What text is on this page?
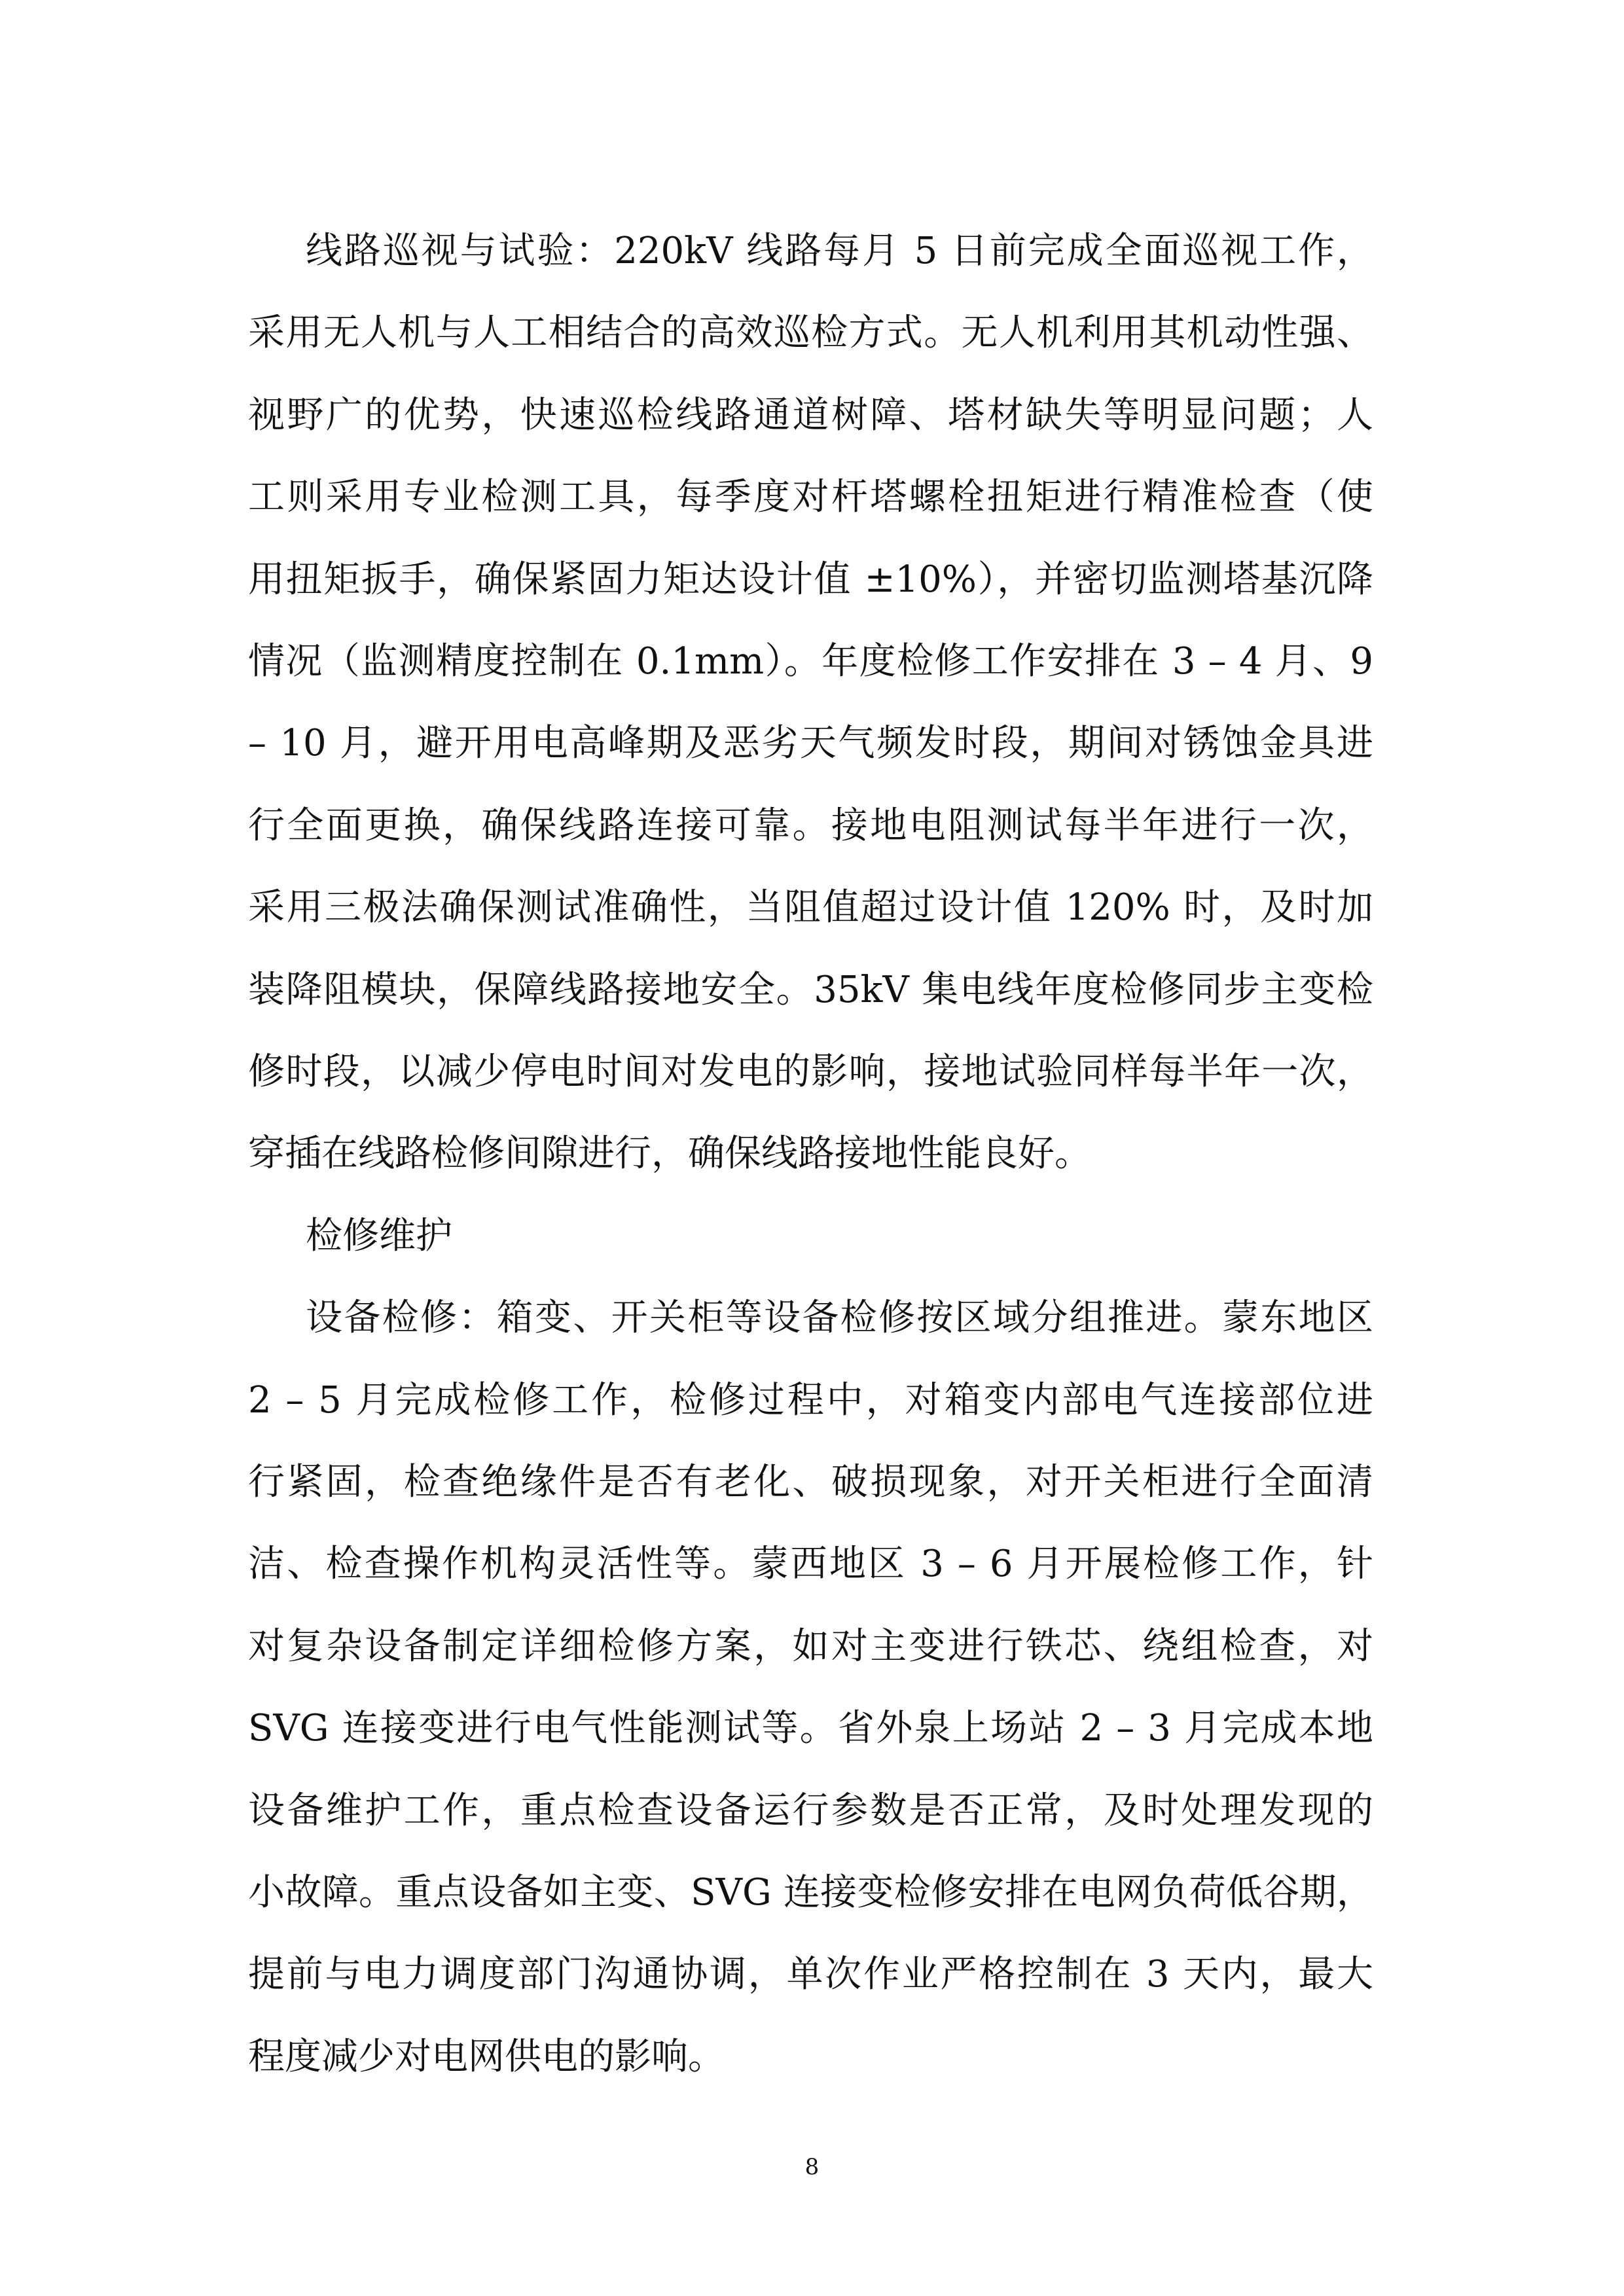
线路巡视与试验：220kV 线路每月 5 日前完成全面巡视工作，
采用无人机与人工相结合的高效巡检方式。无人机利用其机动性强、
视野广的优势，快速巡检线路通道树障、塔材缺失等明显问题；人
工则采用专业检测工具，每季度对杆塔螺栓扭矩进行精准检查（使
用扭矩扳手，确保紧固力矩达设计值 ±10%），并密切监测塔基沉降
情况（监测精度控制在 0.1mm）。年度检修工作安排在 3 – 4 月、9
– 10 月，避开用电高峰期及恶劣天气频发时段，期间对锈蚀金具进
行全面更换，确保线路连接可靠。接地电阻测试每半年进行一次，
采用三极法确保测试准确性，当阻值超过设计值 120% 时，及时加
装降阻模块，保障线路接地安全。35kV 集电线年度检修同步主变检
修时段，以减少停电时间对发电的影响，接地试验同样每半年一次，
穿插在线路检修间隙进行，确保线路接地性能良好。
检修维护
设备检修：箱变、开关柜等设备检修按区域分组推进。蒙东地区
2 – 5 月完成检修工作，检修过程中，对箱变内部电气连接部位进
行紧固，检查绝缘件是否有老化、破损现象，对开关柜进行全面清
洁、检查操作机构灵活性等。蒙西地区 3 – 6 月开展检修工作，针
对复杂设备制定详细检修方案，如对主变进行铁芯、绕组检查，对
SVG 连接变进行电气性能测试等。省外泉上场站 2 – 3 月完成本地
设备维护工作，重点检查设备运行参数是否正常，及时处理发现的
小故障。重点设备如主变、SVG 连接变检修安排在电网负荷低谷期，
提前与电力调度部门沟通协调，单次作业严格控制在 3 天内，最大
程度减少对电网供电的影响。
8
